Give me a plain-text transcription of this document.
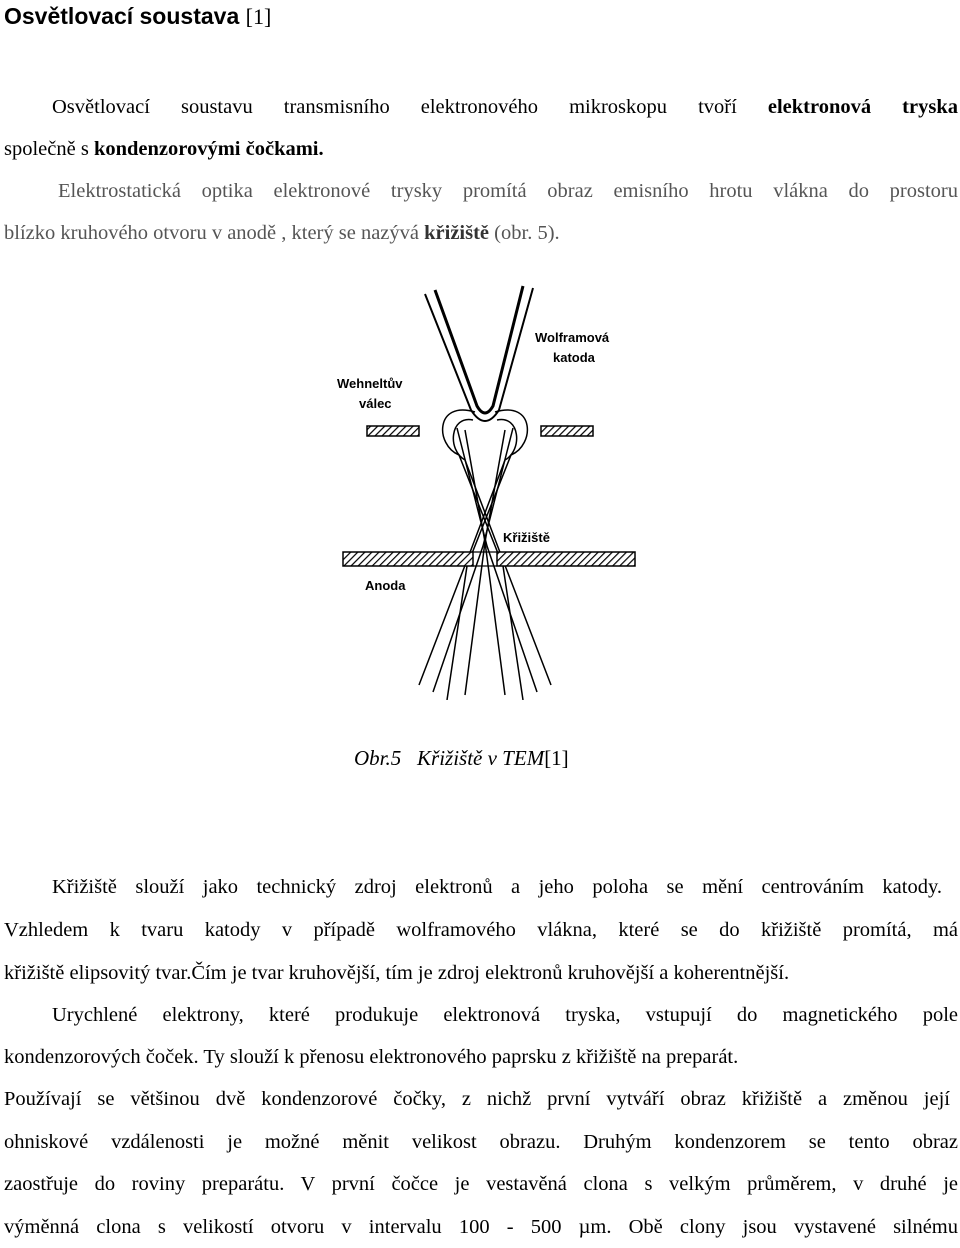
Osvětlovací soustava [1]
Osvětlovací soustavu transmisního elektronového mikroskopu tvoří elektronová tryska
společně s kondenzorovými čočkami.
Elektrostatická optika elektronové trysky promítá obraz emisního hrotu vlákna do prostoru
blízko kruhového otvoru v anodě , který se nazývá křižiště (obr. 5).
Wolframová
katoda
Wehneltův
válec
Křižiště
Anoda
Obr.5 Křižiště v TEM[1]
Křižiště slouží jako technický zdroj elektronů a jeho poloha se mění centrováním katody.
Vzhledem k tvaru katody v případě wolframového vlákna, které se do křižiště promítá, má
křižiště elipsovitý tvar.Čím je tvar kruhovější, tím je zdroj elektronů kruhovější a koherentnější.
Urychlené elektrony, které produkuje elektronová tryska, vstupují do magnetického pole
kondenzorových čoček. Ty slouží k přenosu elektronového paprsku z křižiště na preparát.
Používají se většinou dvě kondenzorové čočky, z nichž první vytváří obraz křižiště a změnou její
ohniskové vzdálenosti je možné měnit velikost obrazu. Druhým kondenzorem se tento obraz
zaostřuje do roviny preparátu. V první čočce je vestavěná clona s velkým průměrem, v druhé je
výměnná clona s velikostí otvoru v intervalu 100 - 500 µm. Obě clony jsou vystavené silnému
